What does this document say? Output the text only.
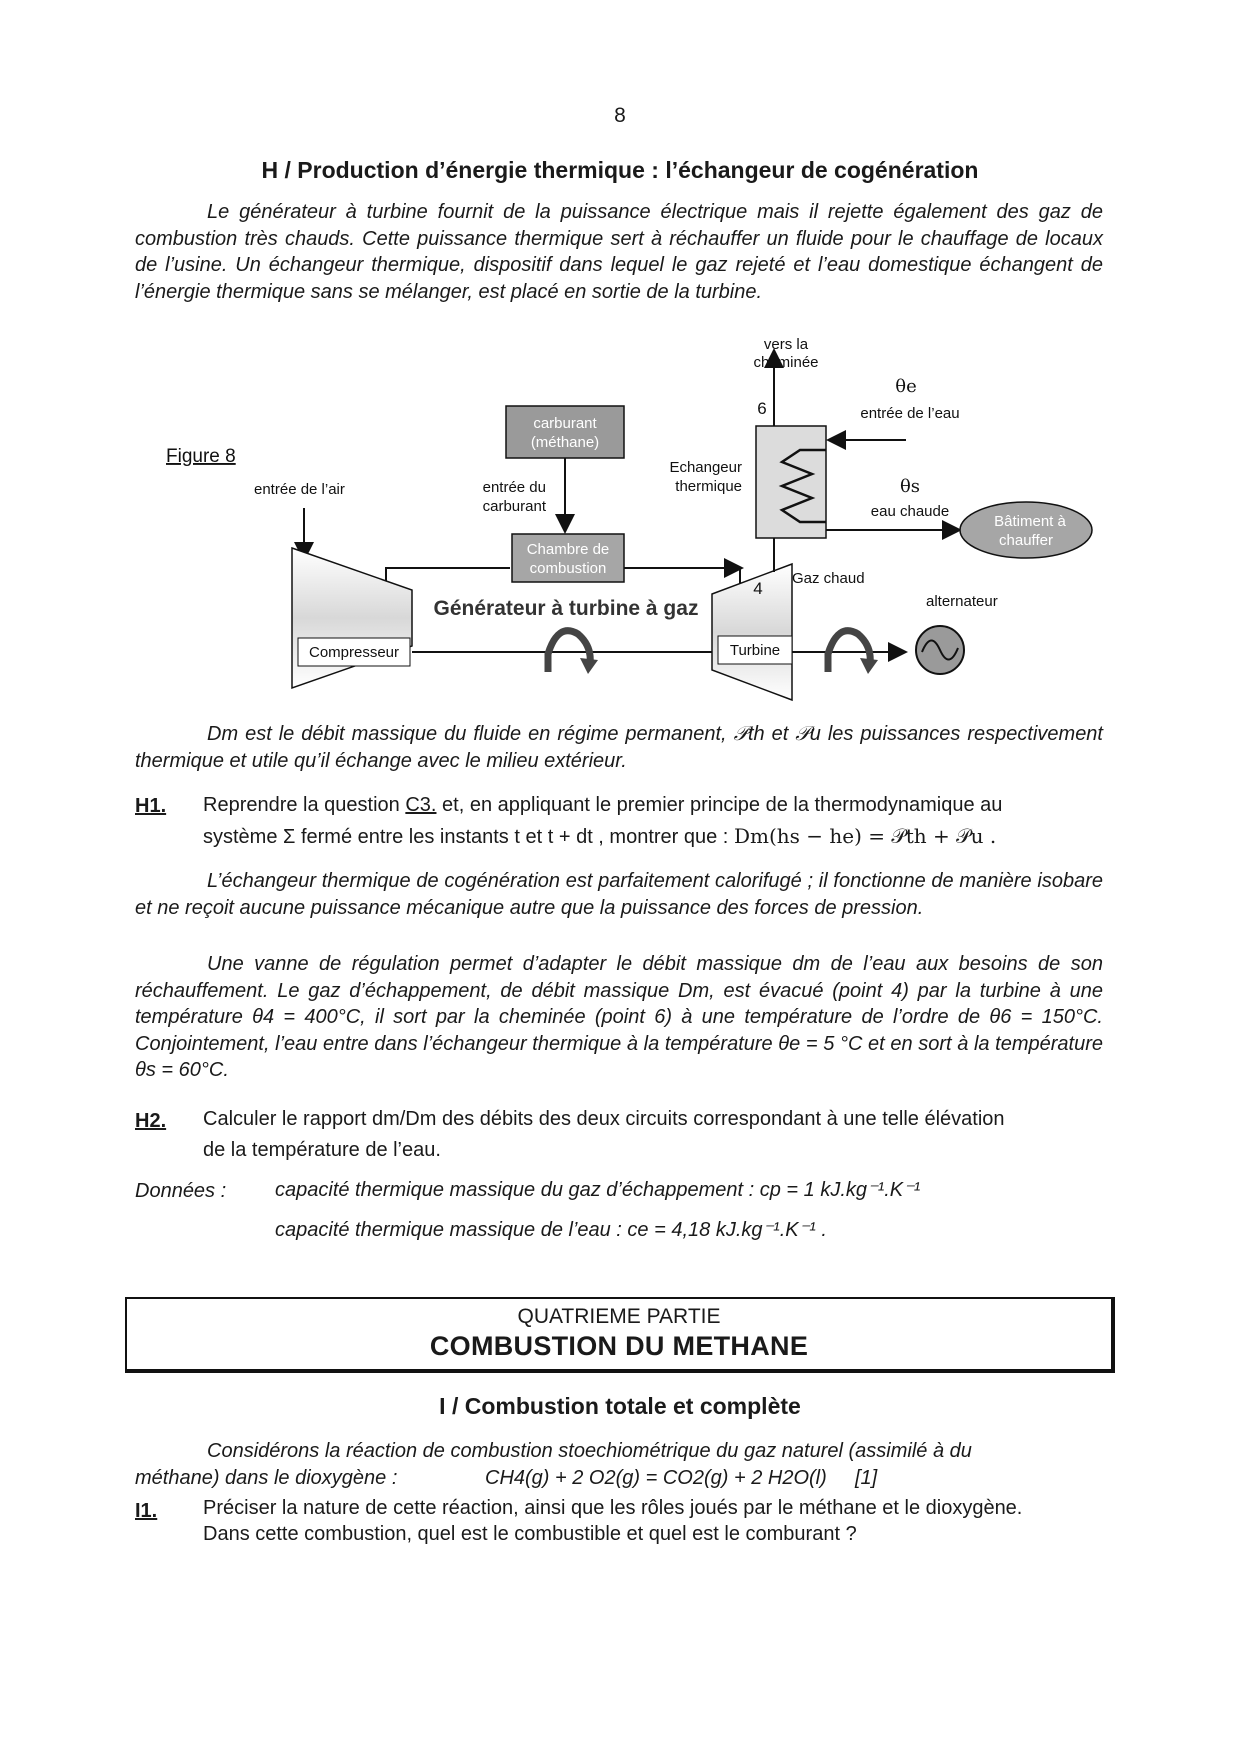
8
H / Production d’énergie thermique : l’échangeur de cogénération
Le générateur à turbine fournit de la puissance électrique mais il rejette également des gaz de combustion très chauds. Cette puissance thermique sert à réchauffer un fluide pour le chauffage de locaux de l’usine. Un échangeur thermique, dispositif dans lequel le gaz rejeté et l’eau domestique échangent de l’énergie thermique sans se mélanger, est placé en sortie de la turbine.
Figure 8
vers la
cheminée
carburant
(méthane)
entrée du
carburant
Chambre de
combustion
entrée de l’air
Compresseur
Générateur à turbine à gaz
Turbine
4
Gaz chaud
6
Echangeur
thermique
θe
entrée de l’eau
θs
eau chaude
Bâtiment à
chauffer
alternateur
Dm est le débit massique du fluide en régime permanent, 𝒫th et 𝒫u les puissances respectivement thermique et utile qu’il échange avec le milieu extérieur.
H1. Reprendre la question C3. et, en appliquant le premier principe de la thermodynamique au
système Σ fermé entre les instants t et t + dt , montrer que : Dm(hs − he) = 𝒫th + 𝒫u .
L’échangeur thermique de cogénération est parfaitement calorifugé ; il fonctionne de manière isobare et ne reçoit aucune puissance mécanique autre que la puissance des forces de pression.
Une vanne de régulation permet d’adapter le débit massique dm de l’eau aux besoins de son réchauffement. Le gaz d’échappement, de débit massique Dm, est évacué (point 4) par la turbine à une température θ4 = 400°C, il sort par la cheminée (point 6) à une température de l’ordre de θ6 = 150°C. Conjointement, l’eau entre dans l’échangeur thermique à la température θe = 5 °C et en sort à la température θs = 60°C.
H2. Calculer le rapport dm/Dm des débits des deux circuits correspondant à une telle élévation
de la température de l’eau.
Données : capacité thermique massique du gaz d’échappement : cp = 1 kJ.kg⁻¹.K⁻¹
capacité thermique massique de l’eau : ce = 4,18 kJ.kg⁻¹.K⁻¹ .
QUATRIEME PARTIE
COMBUSTION DU METHANE
I / Combustion totale et complète
Considérons la réaction de combustion stoechiométrique du gaz naturel (assimilé à du
méthane) dans le dioxygène :	CH4(g) + 2 O2(g) = CO2(g) + 2 H2O(l) [1]
I1. Préciser la nature de cette réaction, ainsi que les rôles joués par le méthane et le dioxygène.
Dans cette combustion, quel est le combustible et quel est le comburant ?
